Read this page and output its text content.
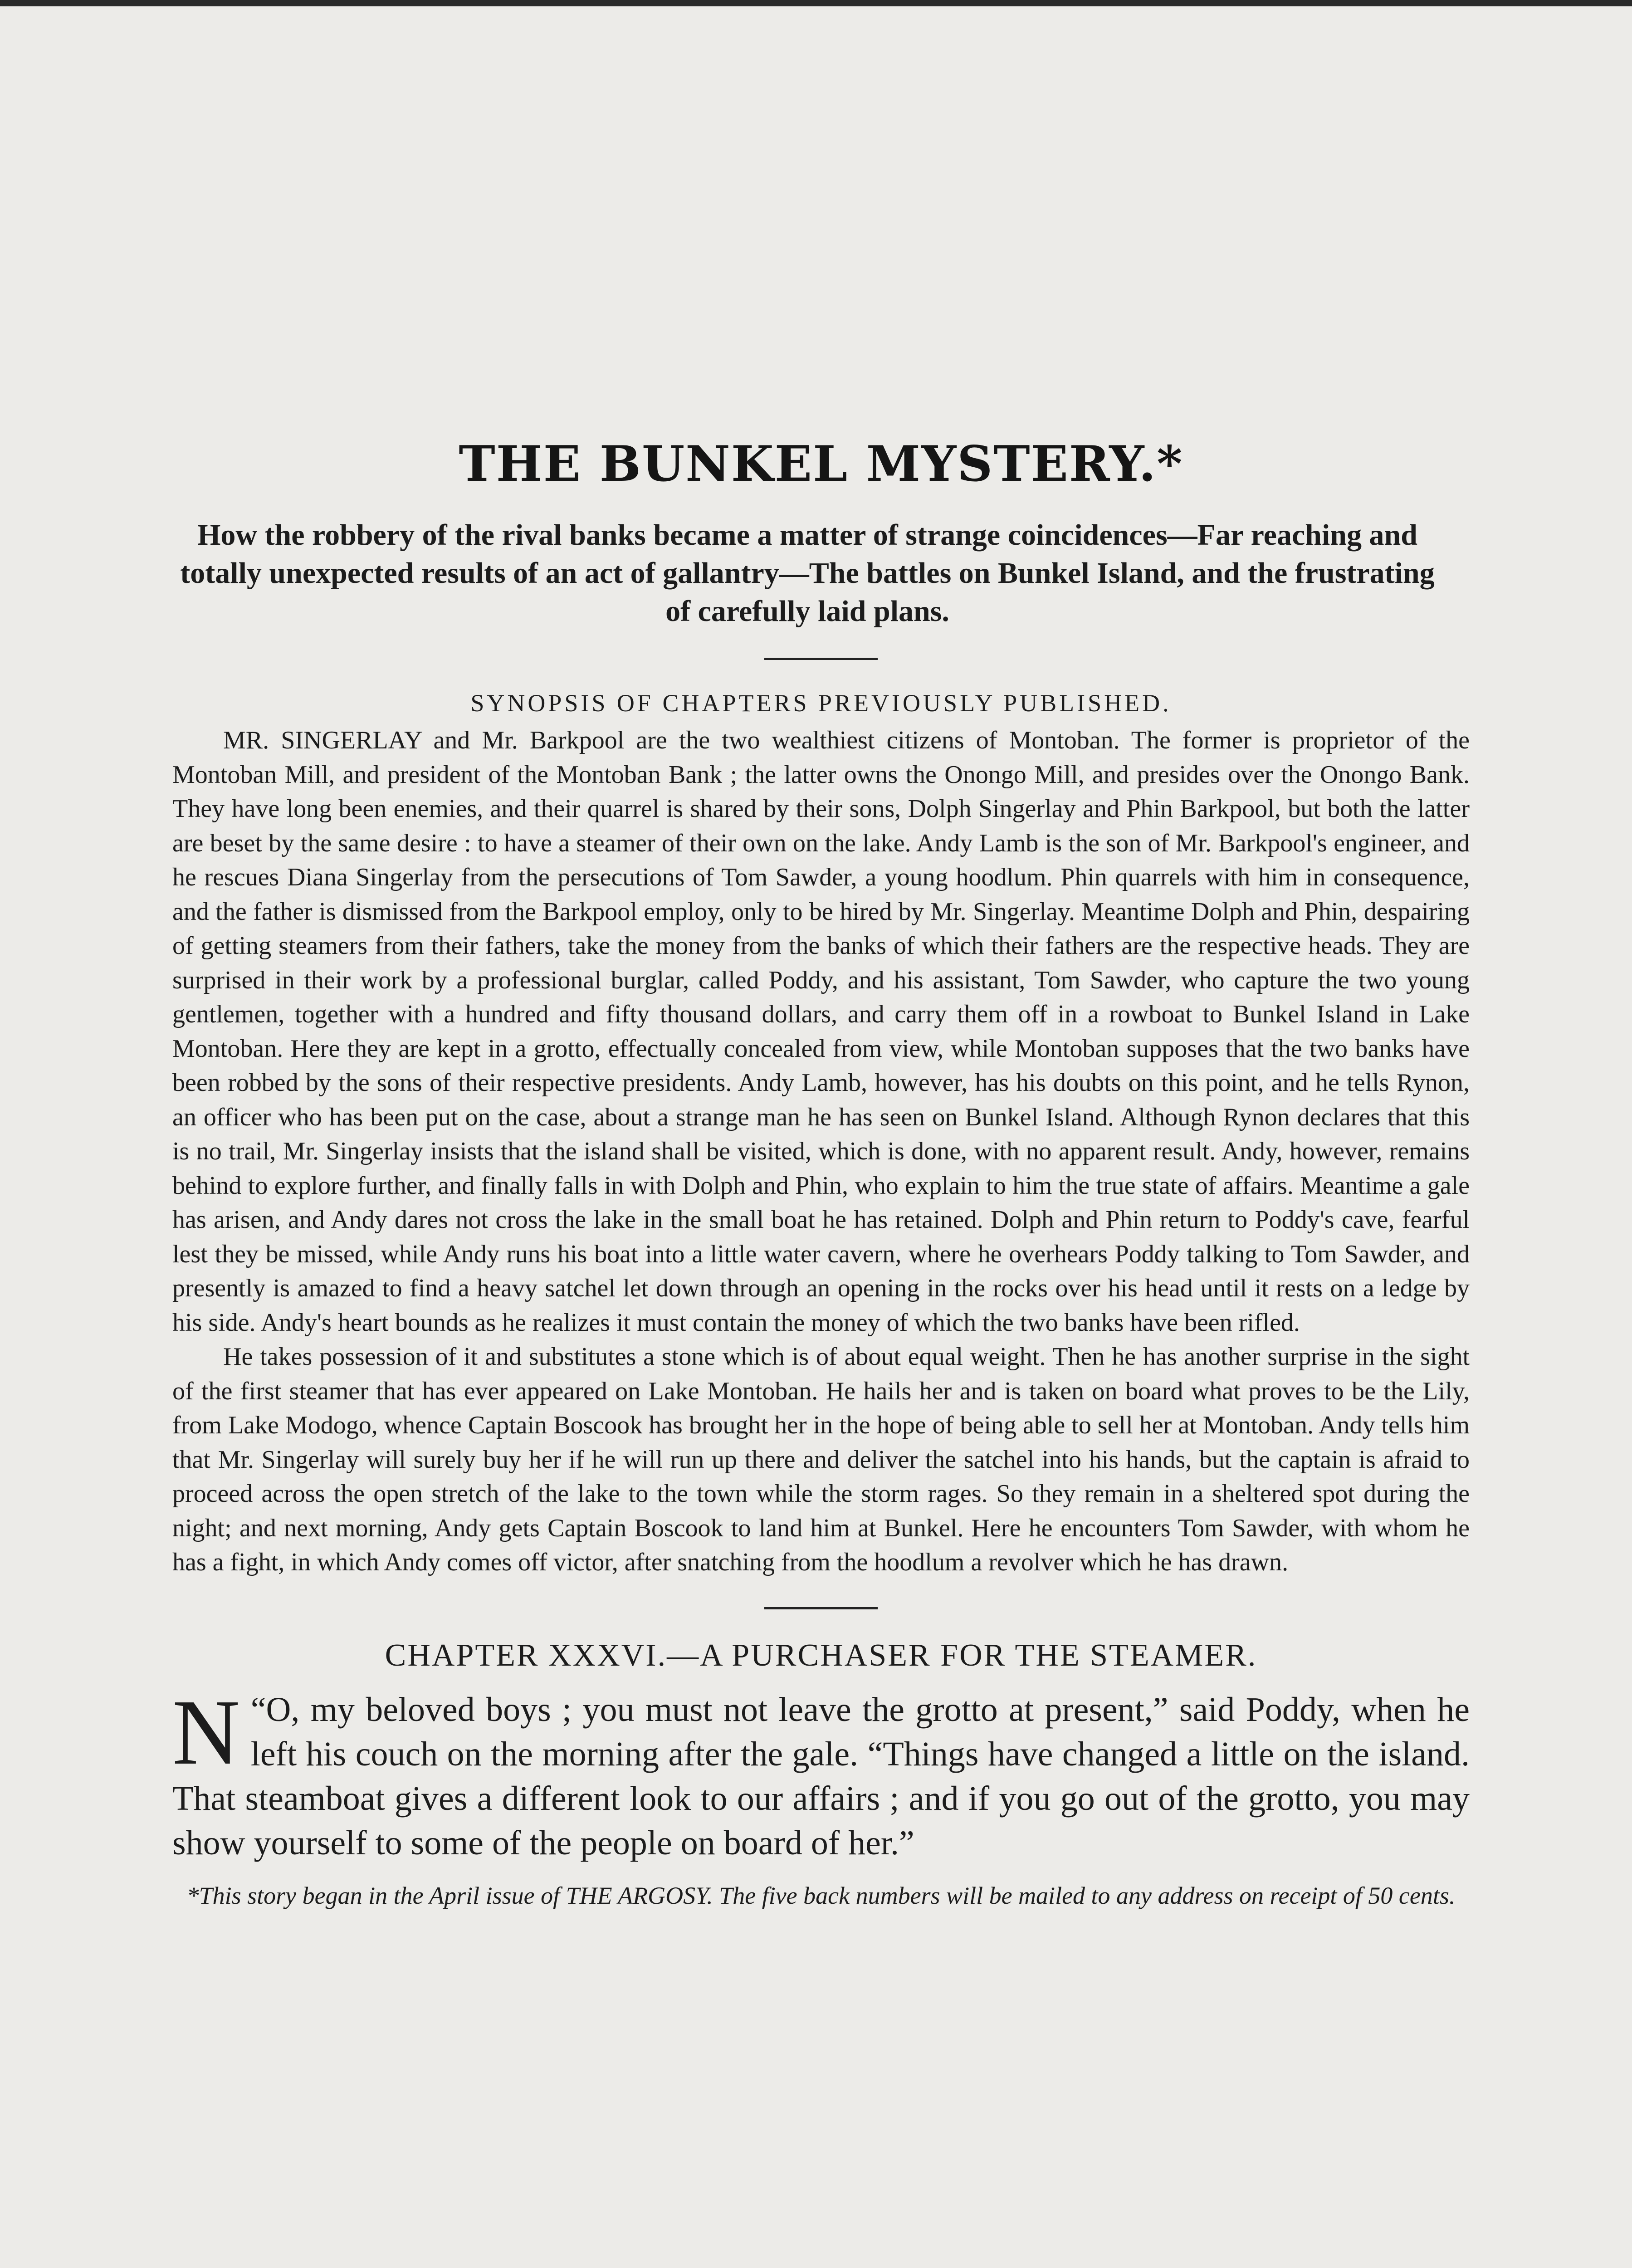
THE BUNKEL MYSTERY.*

How the robbery of the rival banks became a matter of strange coincidences—Far reaching and totally unexpected results of an act of gallantry—The battles on Bunkel Island, and the frustrating of carefully laid plans.

SYNOPSIS OF CHAPTERS PREVIOUSLY PUBLISHED.

MR. SINGERLAY and Mr. Barkpool are the two wealthiest citizens of Montoban. The former is proprietor of the Montoban Mill, and president of the Montoban Bank ; the latter owns the Onongo Mill, and presides over the Onongo Bank. They have long been enemies, and their quarrel is shared by their sons, Dolph Singerlay and Phin Barkpool, but both the latter are beset by the same desire : to have a steamer of their own on the lake. Andy Lamb is the son of Mr. Barkpool's engineer, and he rescues Diana Singerlay from the persecutions of Tom Sawder, a young hoodlum. Phin quarrels with him in consequence, and the father is dismissed from the Barkpool employ, only to be hired by Mr. Singerlay. Meantime Dolph and Phin, despairing of getting steamers from their fathers, take the money from the banks of which their fathers are the respective heads. They are surprised in their work by a professional burglar, called Poddy, and his assistant, Tom Sawder, who capture the two young gentlemen, together with a hundred and fifty thousand dollars, and carry them off in a rowboat to Bunkel Island in Lake Montoban. Here they are kept in a grotto, effectually concealed from view, while Montoban supposes that the two banks have been robbed by the sons of their respective presidents. Andy Lamb, however, has his doubts on this point, and he tells Rynon, an officer who has been put on the case, about a strange man he has seen on Bunkel Island. Although Rynon declares that this is no trail, Mr. Singerlay insists that the island shall be visited, which is done, with no apparent result. Andy, however, remains behind to explore further, and finally falls in with Dolph and Phin, who explain to him the true state of affairs. Meantime a gale has arisen, and Andy dares not cross the lake in the small boat he has retained. Dolph and Phin return to Poddy's cave, fearful lest they be missed, while Andy runs his boat into a little water cavern, where he overhears Poddy talking to Tom Sawder, and presently is amazed to find a heavy satchel let down through an opening in the rocks over his head until it rests on a ledge by his side. Andy's heart bounds as he realizes it must contain the money of which the two banks have been rifled.

He takes possession of it and substitutes a stone which is of about equal weight. Then he has another surprise in the sight of the first steamer that has ever appeared on Lake Montoban. He hails her and is taken on board what proves to be the Lily, from Lake Modogo, whence Captain Boscook has brought her in the hope of being able to sell her at Montoban. Andy tells him that Mr. Singerlay will surely buy her if he will run up there and deliver the satchel into his hands, but the captain is afraid to proceed across the open stretch of the lake to the town while the storm rages. So they remain in a sheltered spot during the night; and next morning, Andy gets Captain Boscook to land him at Bunkel. Here he encounters Tom Sawder, with whom he has a fight, in which Andy comes off victor, after snatching from the hoodlum a revolver which he has drawn.

CHAPTER XXXVI.—A PURCHASER FOR THE STEAMER.

“
N O, my beloved boys ; you must not leave the grotto at present,” said Poddy, when he left his couch on the morning after the gale. “Things have changed a little on the island. That steamboat gives a different look to our affairs ; and if you go out of the grotto, you may show yourself to some of the people on board of her.”

*This story began in the April issue of THE ARGOSY. The five back numbers will be mailed to any address on receipt of 50 cents.
